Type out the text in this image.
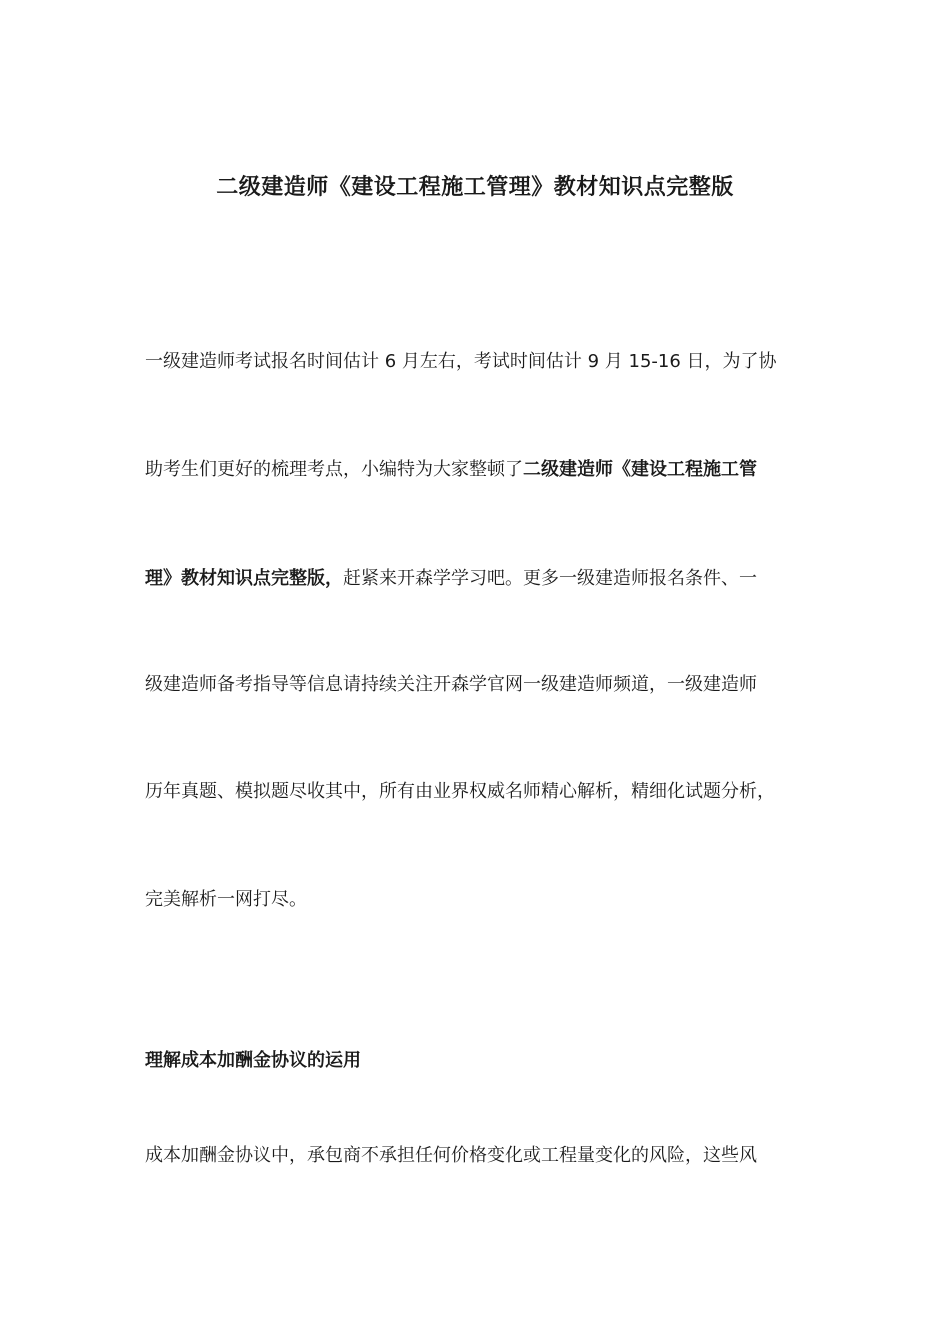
二级建造师《建设工程施工管理》教材知识点完整版
一级建造师考试报名时间估计 6 月左右，考试时间估计 9 月 15-16 日，为了协
助考生们更好的梳理考点，小编特为大家整顿了二级建造师《建设工程施工管
理》教材知识点完整版，赶紧来开森学学习吧。更多一级建造师报名条件、一
级建造师备考指导等信息请持续关注开森学官网一级建造师频道，一级建造师
历年真题、模拟题尽收其中，所有由业界权威名师精心解析，精细化试题分析，
完美解析一网打尽。
理解成本加酬金协议的运用
成本加酬金协议中，承包商不承担任何价格变化或工程量变化的风险，这些风
